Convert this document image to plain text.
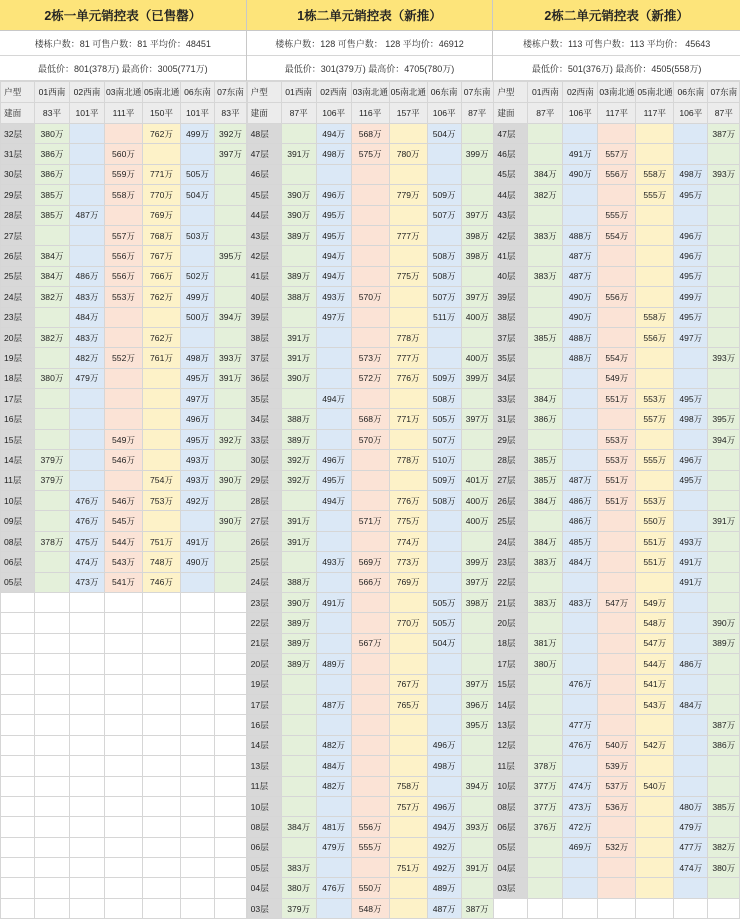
2栋一单元销控表（已售罄）
楼栋户数：81 可售户数：81 平均价：48451
最低价：801(378万) 最高价：3005(771万)
户型	01西南	02西南	03南北通	05南北通	06东南	07东南
建面	83平	101平	111平	150平	101平	83平
32层	380万			762万	499万	392万
31层	386万		560万			397万
30层	386万		559万	771万	505万	
29层	385万		558万	770万	504万	
28层	385万	487万		769万		
27层			557万	768万	503万	
26层	384万		556万	767万		395万
25层	384万	486万	556万	766万	502万	
24层	382万	483万	553万	762万	499万	
23层		484万			500万	394万
20层	382万	483万		762万		
19层		482万	552万	761万	498万	393万
18层	380万	479万			495万	391万
17层					497万	
16层					496万	
15层			549万		495万	392万
14层	379万		546万		493万	
11层	379万			754万	493万	390万
10层		476万	546万	753万	492万	
09层		476万	545万			390万
08层	378万	475万	544万	751万	491万	
06层		474万	543万	748万	490万	
05层		473万	541万	746万		

1栋二单元销控表（新推）
楼栋户数：128 可售户数： 128 平均价：46912
最低价：301(379万) 最高价：4705(780万)
户型	01西南	02西南	03南北通	05南北通	06东南	07东南
建面	87平	106平	116平	157平	106平	87平
48层		494万	568万		504万	
47层	391万	498万	575万	780万		399万
46层						
45层	390万	496万		779万	509万	
44层	390万	495万			507万	397万
43层	389万	495万		777万		398万
42层		494万			508万	398万
41层	389万	494万		775万	508万	
40层	388万	493万	570万		507万	397万
39层		497万			511万	400万
38层	391万			778万		
37层	391万		573万	777万		400万
36层	390万		572万	776万	509万	399万
35层		494万			508万	
34层	388万		568万	771万	505万	397万
33层	389万		570万		507万	
30层	392万	496万		778万	510万	
29层	392万	495万			509万	401万
28层		494万		776万	508万	400万
27层	391万		571万	775万		400万
26层	391万			774万		
25层		493万	569万	773万		399万
24层	388万		566万	769万		397万
23层	390万	491万			505万	398万
22层	389万			770万	505万	
21层	389万		567万		504万	
20层	389万	489万				
19层				767万		397万
17层		487万		765万		396万
16层						395万
14层		482万			496万	
13层		484万			498万	
11层		482万		758万		394万
10层				757万	496万	
08层	384万	481万	556万		494万	393万
06层		479万	555万		492万	
05层	383万			751万	492万	391万
04层	380万	476万	550万		489万	
03层	379万		548万		487万	387万
2栋二单元销控表（新推）
楼栋户数：113 可售户数：113 平均价： 45643
最低价：501(376万) 最高价：4505(558万)
户型	01西南	02西南	03南北通	05南北通	06东南	07东南
建面	87平	106平	117平	117平	106平	87平
47层						387万
46层		491万	557万			
45层	384万	490万	556万	558万	498万	393万
44层	382万			555万	495万	
43层			555万			
42层	383万	488万	554万		496万	
41层		487万			496万	
40层	383万	487万			495万	
39层		490万	556万		499万	
38层		490万		558万	495万	
37层	385万	488万		556万	497万	
35层		488万	554万			393万
34层			549万			
33层	384万		551万	553万	495万	
31层	386万			557万	498万	395万
29层			553万			394万
28层	385万		553万	555万	496万	
27层	385万	487万	551万		495万	
26层	384万	486万	551万	553万		
25层		486万		550万		391万
24层	384万	485万		551万	493万	
23层	383万	484万		551万	491万	
22层					491万	
21层	383万	483万	547万	549万		
20层				548万		390万
18层	381万			547万		389万
17层	380万			544万	486万	
15层		476万		541万		
14层				543万	484万	
13层		477万				387万
12层		476万	540万	542万		386万
11层	378万		539万			
10层	377万	474万	537万	540万		
08层	377万	473万	536万		480万	385万
06层	376万	472万			479万	
05层		469万	532万		477万	382万
04层					474万	380万
03层						
